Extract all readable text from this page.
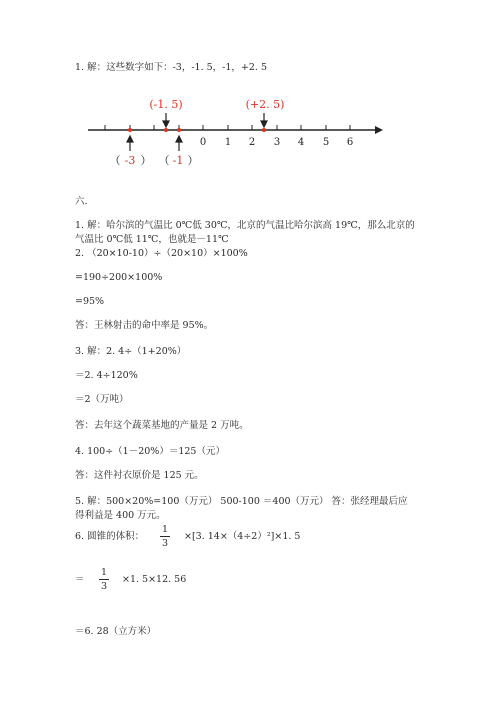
1. 解：这些数字如下：-3，-1. 5，-1，+2. 5
0 1 2 3 4 5 6
(-1. 5)	(+2. 5)
-3	-1
（ ） （ ）
六.
1. 解：哈尔滨的气温比 0℃低 30℃，北京的气温比哈尔滨高 19℃，那么北京的
气温比 0℃低 11℃，也就是－11℃
2. （20×10-10）÷（20×10）×100%
=190÷200×100%
=95%
答：王林射击的命中率是 95%。
3. 解：2. 4÷（1+20%）
＝2. 4÷120%
＝2（万吨）
答：去年这个蔬菜基地的产量是 2 万吨。
4. 100÷（1－20%）＝125（元）
答：这件衬衣原价是 125 元。
5. 解：500×20%=100（万元） 500-100 ＝400（万元） 答：张经理最后应
得利益是 400 万元。
6. 圆锥的体积：
1
3
×[3. 14×（4÷2）²]×1. 5
＝
1
3
×1. 5×12. 56
＝6. 28（立方米）
